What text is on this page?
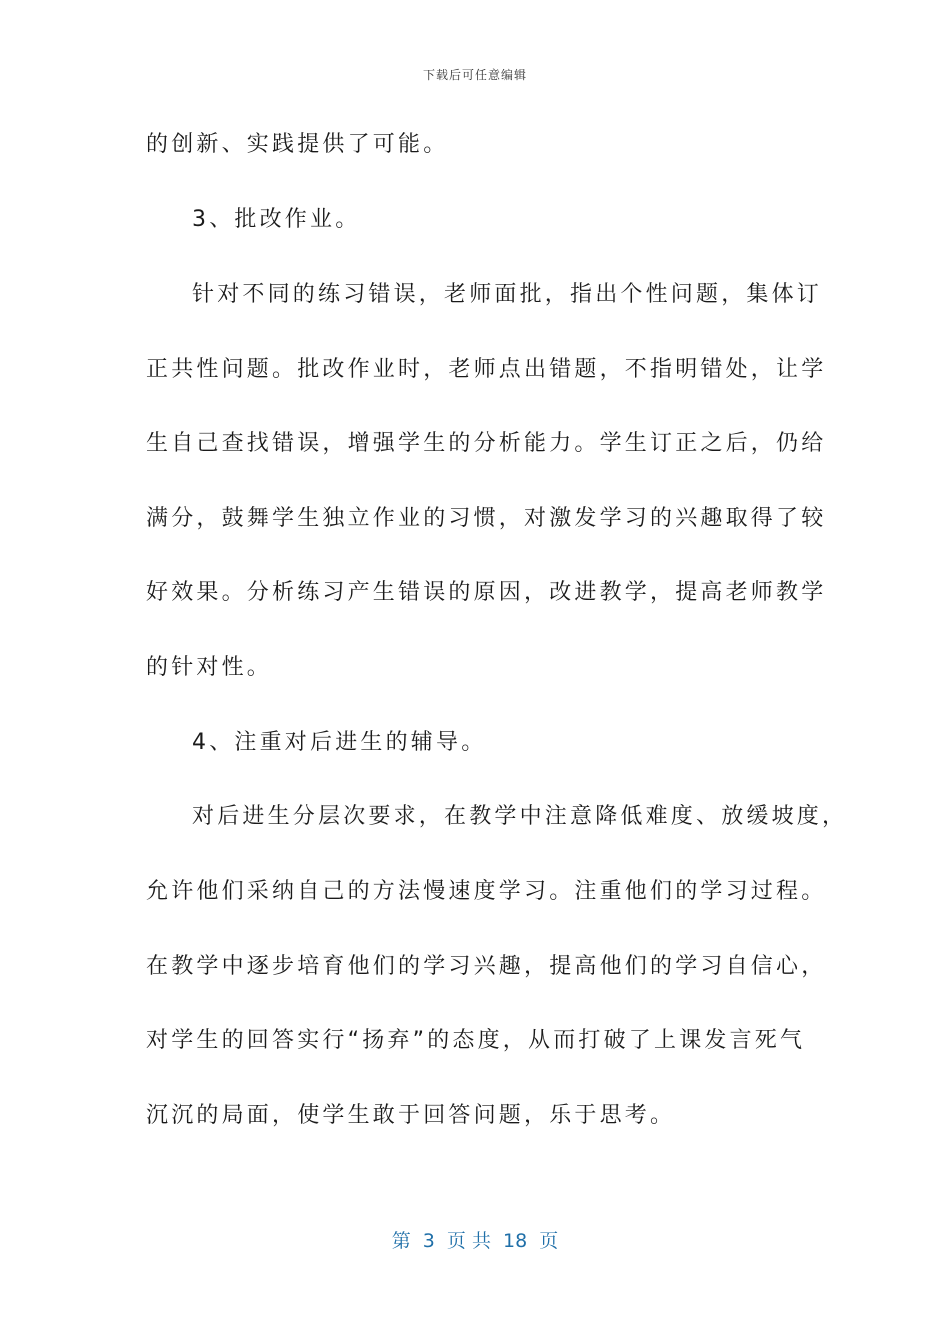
下载后可任意编辑
的创新、实践提供了可能。
3、批改作业。
针对不同的练习错误，老师面批，指出个性问题，集体订
正共性问题。批改作业时，老师点出错题，不指明错处，让学
生自己查找错误，增强学生的分析能力。学生订正之后，仍给
满分，鼓舞学生独立作业的习惯，对激发学习的兴趣取得了较
好效果。分析练习产生错误的原因，改进教学，提高老师教学
的针对性。
4、注重对后进生的辅导。
对后进生分层次要求，在教学中注意降低难度、放缓坡度，
允许他们采纳自己的方法慢速度学习。注重他们的学习过程。
在教学中逐步培育他们的学习兴趣，提高他们的学习自信心，
对学生的回答实行“扬弃”的态度，从而打破了上课发言死气
沉沉的局面，使学生敢于回答问题，乐于思考。
第  3  页 共  18  页
